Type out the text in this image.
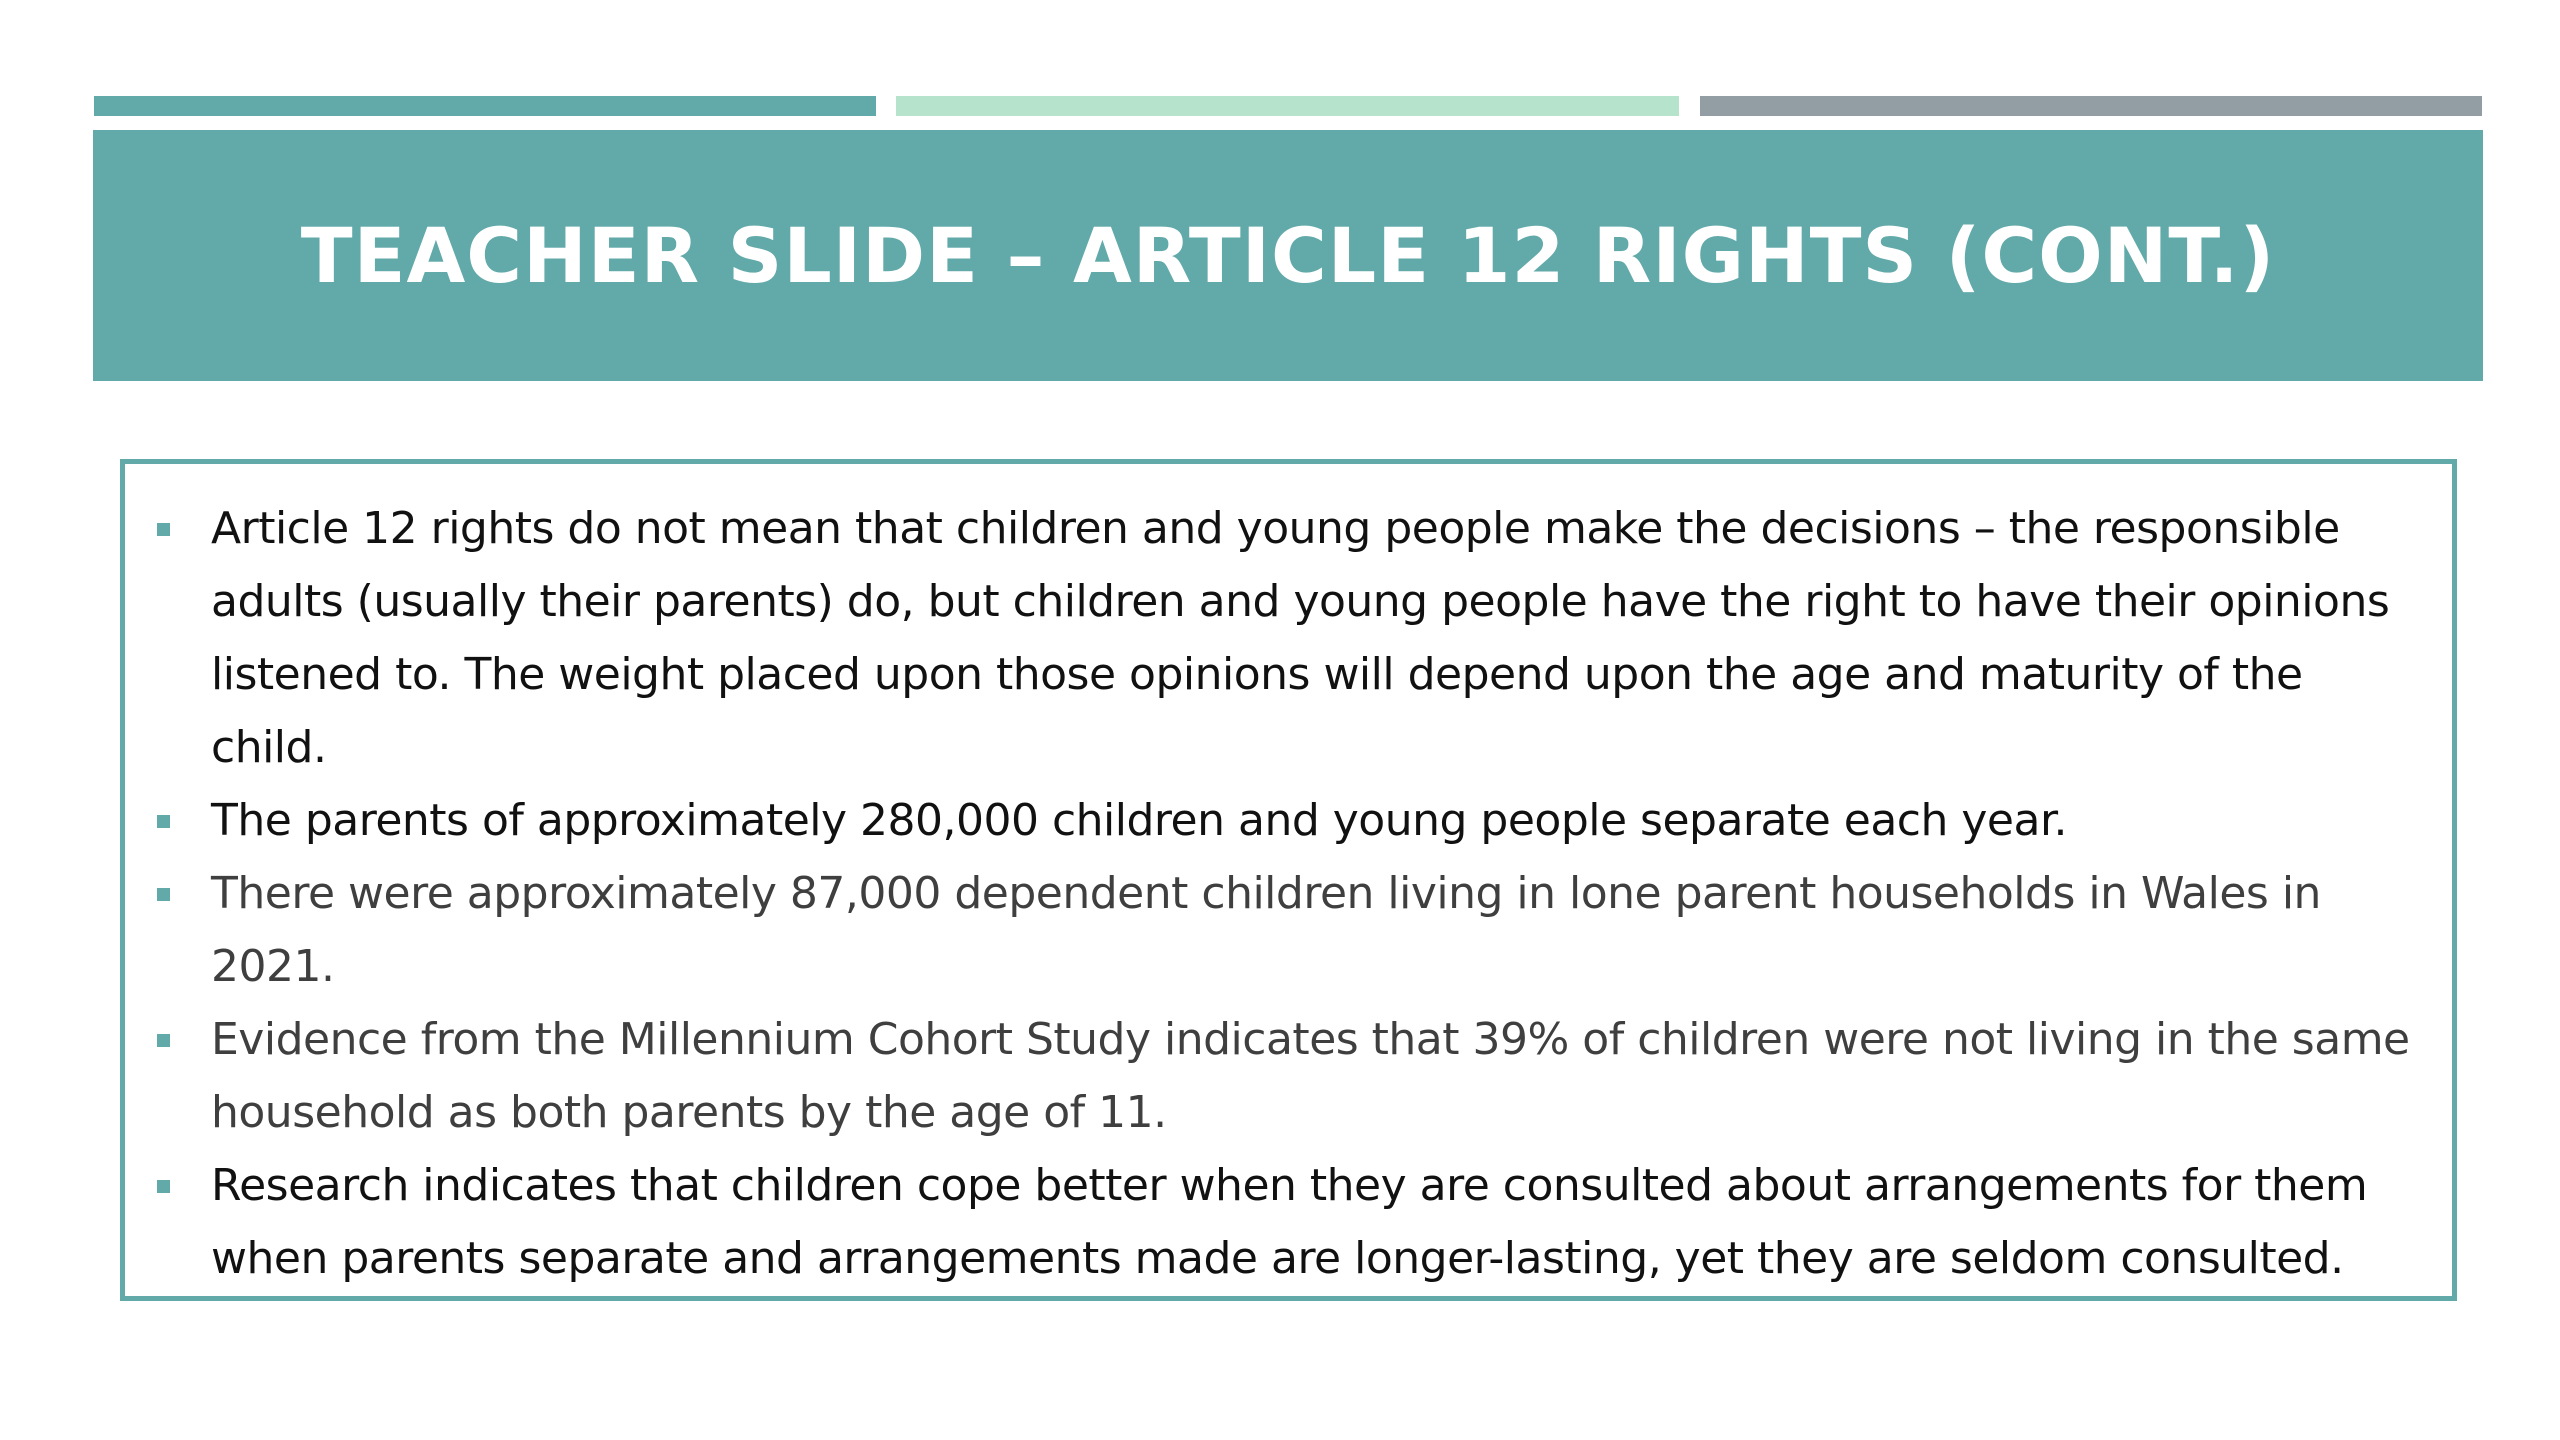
TEACHER SLIDE – ARTICLE 12 RIGHTS (CONT.)
Article 12 rights do not mean that children and young people make the decisions – the responsible adults (usually their parents) do, but children and young people have the right to have their opinions listened to. The weight placed upon those opinions will depend upon the age and maturity of the child.
The parents of approximately 280,000 children and young people separate each year.
There were approximately 87,000 dependent children living in lone parent households in Wales in 2021.
Evidence from the Millennium Cohort Study indicates that 39% of children were not living in the same household as both parents by the age of 11.
Research indicates that children cope better when they are consulted about arrangements for them when parents separate and arrangements made are longer-lasting, yet they are seldom consulted.
